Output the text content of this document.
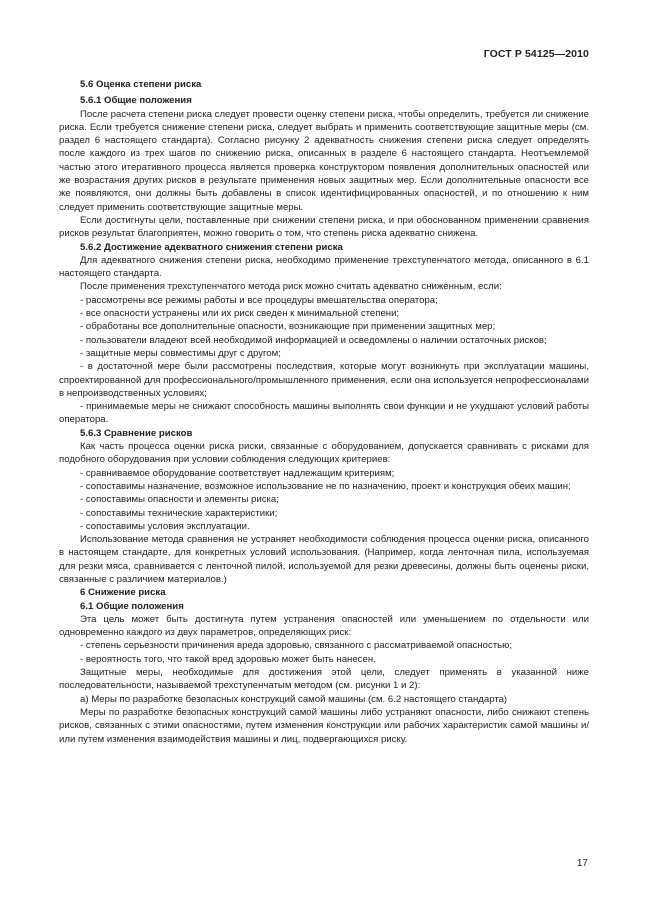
ГОСТ Р 54125—2010

5.6 Оценка степени риска

5.6.1 Общие положения

После расчета степени риска следует провести оценку степени риска, чтобы определить, требуется ли снижение риска. Если требуется снижение степени риска, следует выбрать и применить соответствующие защитные меры (см. раздел 6 настоящего стандарта). Согласно рисунку 2 адекватность снижения степени риска следует определять после каждого из трех шагов по снижению риска, описанных в разделе 6 настоящего стандарта. Неотъемлемой частью этого итеративного процесса является проверка конструктором появления дополнительных опасностей или же возрастания других рисков в результате применения новых защитных мер. Если дополнительные опасности все же появляются, они должны быть добавлены в список идентифицированных опасностей, и по отношению к ним следует применить соответствующие защитные меры.

Если достигнуты цели, поставленные при снижении степени риска, и при обоснованном применении сравнения рисков результат благоприятен, можно говорить о том, что степень риска адекватно снижена.

5.6.2 Достижение адекватного снижения степени риска

Для адекватного снижения степени риска, необходимо применение трехступенчатого метода, описанного в 6.1 настоящего стандарта.

После применения трехступенчатого метода риск можно считать адекватно сниженным, если:

- рассмотрены все режимы работы и все процедуры вмешательства оператора;

- все опасности устранены или их риск сведен к минимальной степени;

- обработаны все дополнительные опасности, возникающие при применении защитных мер;

- пользователи владеют всей необходимой информацией и осведомлены о наличии остаточных рисков;

- защитные меры совместимы друг с другом;

- в достаточной мере были рассмотрены последствия, которые могут возникнуть при эксплуатации машины, спроектированной для профессионального/промышленного применения, если она используется непрофессионалами в непроизводственных условиях;

- принимаемые меры не снижают способность машины выполнять свои функции и не ухудшают условий работы оператора.

5.6.3 Сравнение рисков

Как часть процесса оценки риска риски, связанные с оборудованием, допускается сравнивать с рисками для подобного оборудования при условии соблюдения следующих критериев:

- сравниваемое оборудование соответствует надлежащим критериям;

- сопоставимы назначение, возможное использование не по назначению, проект и конструкция обеих машин;

- сопоставимы опасности и элементы риска;

- сопоставимы технические характеристики;

- сопоставимы условия эксплуатации.

Использование метода сравнения не устраняет необходимости соблюдения процесса оценки риска, описанного в настоящем стандарте, для конкретных условий использования. (Например, когда ленточная пила, используемая для резки мяса, сравнивается с ленточной пилой, используемой для резки древесины, должны быть оценены риски, связанные с различием материалов.)

6 Снижение риска

6.1 Общие положения

Эта цель может быть достигнута путем устранения опасностей или уменьшением по отдельности или одновременно каждого из двух параметров, определяющих риск:

- степень серьезности причинения вреда здоровью, связанного с рассматриваемой опасностью;

- вероятность того, что такой вред здоровью может быть нанесен.

Защитные меры, необходимые для достижения этой цели, следует применять в указанной ниже последовательности, называемой трехступенчатым методом (см. рисунки 1 и 2):

а) Меры по разработке безопасных конструкций самой машины (см. 6.2 настоящего стандарта)

Меры по разработке безопасных конструкций самой машины либо устраняют опасности, либо снижают степень рисков, связанных с этими опасностями, путем изменения конструкции или рабочих характеристик самой машины и/или путем изменения взаимодействия машины и лиц, подвергающихся риску.

17
